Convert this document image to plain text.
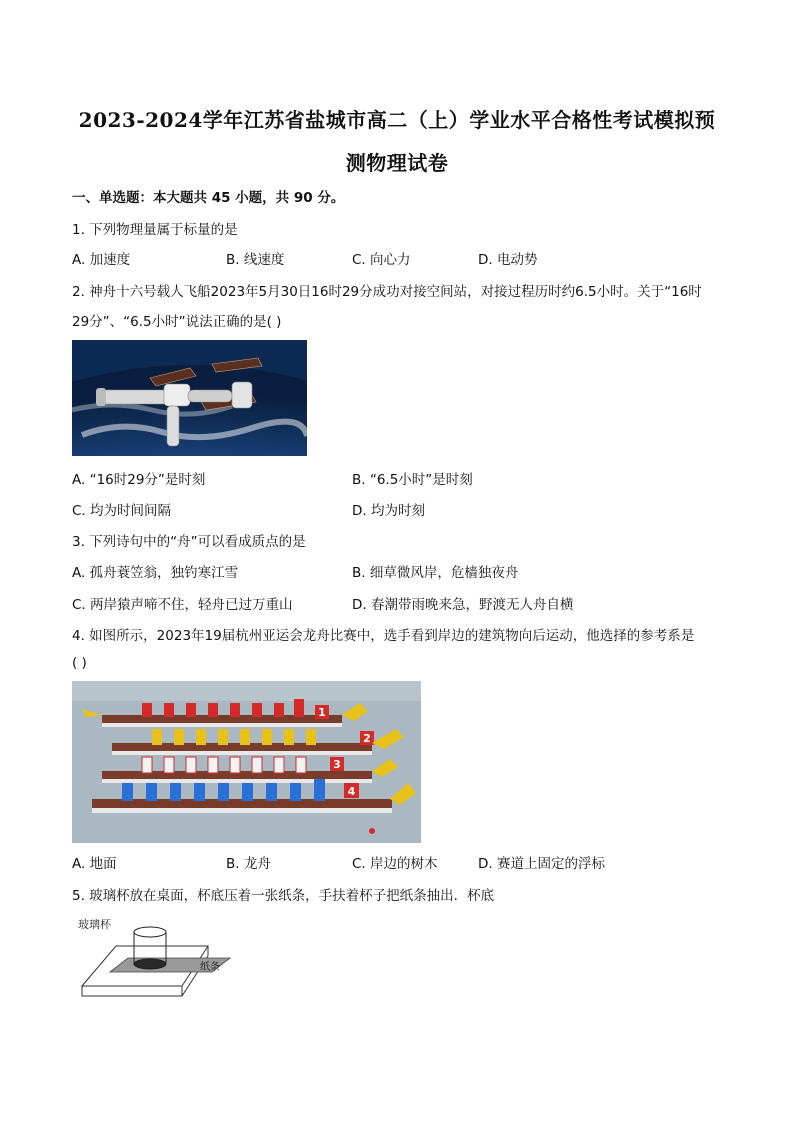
2023-2024学年江苏省盐城市高二（上）学业水平合格性考试模拟预
测物理试卷
一、单选题：本大题共 45 小题，共 90 分。
1. 下列物理量属于标量的是
A. 加速度	B. 线速度	C. 向心力	D. 电动势
2. 神舟十六号载人飞船2023年5月30日16时29分成功对接空间站，对接过程历时约6.5小时。关于“16时
29分”、“6.5小时”说法正确的是( )
A. “16时29分”是时刻	B. “6.5小时”是时刻
C. 均为时间间隔	D. 均为时刻
3. 下列诗句中的“舟”可以看成质点的是
A. 孤舟蓑笠翁，独钓寒江雪	B. 细草微风岸，危樯独夜舟
C. 两岸猿声啼不住，轻舟已过万重山	D. 春潮带雨晚来急，野渡无人舟自横
4. 如图所示，2023年19届杭州亚运会龙舟比赛中，选手看到岸边的建筑物向后运动，他选择的参考系是
( )
1
2
3
4
A. 地面	B. 龙舟	C. 岸边的树木	D. 赛道上固定的浮标
5. 玻璃杯放在桌面，杯底压着一张纸条，手扶着杯子把纸条抽出．杯底
玻璃杯
纸条
